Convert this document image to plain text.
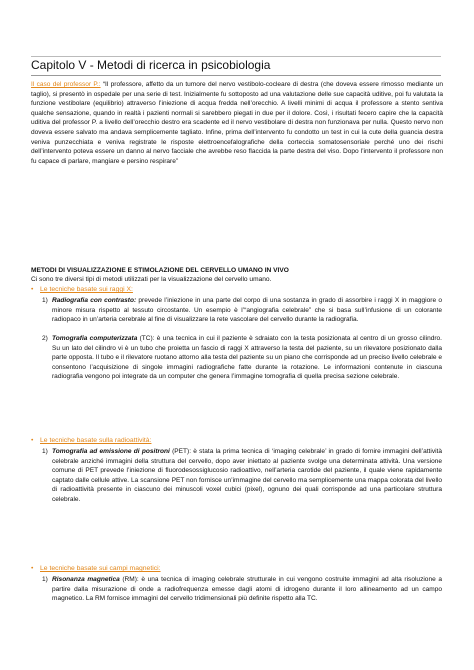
Capitolo V - Metodi di ricerca in psicobiologia

Il caso del professor P.: “Il professore, affetto da un tumore del nervo vestibolo-cocleare di destra (che doveva essere rimosso mediante un taglio), si presentò in ospedale per una serie di test. Inizialmente fu sottoposto ad una valutazione delle sue capacità uditive, poi fu valutata la funzione vestibolare (equilibrio) attraverso l’iniezione di acqua fredda nell’orecchio. A livelli minimi di acqua il professore a stento sentiva qualche sensazione, quando in realtà i pazienti normali si sarebbero piegati in due per il dolore. Così, i risultati fecero capire che la capacità uditiva del professor P. a livello dell’orecchio destro era scadente ed il nervo vestibolare di destra non funzionava per nulla. Questo nervo non doveva essere salvato ma andava semplicemente tagliato. Infine, prima dell’intervento fu condotto un test in cui la cute della guancia destra veniva punzecchiata e veniva registrate le risposte elettroencefalografiche della corteccia somatosensoriale perché uno dei rischi dell’intervento poteva essere un danno al nervo facciale che avrebbe reso flaccida la parte destra del viso. Dopo l’intervento il professore non fu capace di parlare, mangiare e persino respirare”

METODI DI VISUALIZZAZIONE E STIMOLAZIONE DEL CERVELLO UMANO IN VIVO
Ci sono tre diversi tipi di metodi utilizzati per la visualizzazione del cervello umano.
• Le tecniche basate sui raggi X:
1) Radiografia con contrasto: prevede l’iniezione in una parte del corpo di una sostanza in grado di assorbire i raggi X in maggiore o minore misura rispetto al tessuto circostante. Un esempio è l’“angiografia celebrale” che si basa sull’infusione di un colorante radiopaco in un’arteria cerebrale al fine di visualizzare la rete vascolare del cervello durante la radiografia.

2) Tomografia computerizzata (TC): è una tecnica in cui il paziente è sdraiato con la testa posizionata al centro di un grosso cilindro. Su un lato del cilindro vi è un tubo che proietta un fascio di raggi X attraverso la testa del paziente, su un rilevatore posizionato dalla parte opposta. Il tubo e il rilevatore ruotano attorno alla testa del paziente su un piano che corrisponde ad un preciso livello celebrale e consentono l’acquisizione di singole immagini radiografiche fatte durante la rotazione. Le informazioni contenute in ciascuna radiografia vengono poi integrate da un computer che genera l’immagine tomografia di quella precisa sezione celebrale.

• Le tecniche basate sulla radioattività:
1) Tomografia ad emissione di positroni (PET): è stata la prima tecnica di ‘imaging celebrale’ in grado di fornire immagini dell’attività celebrale anziché immagini della struttura del cervello, dopo aver iniettato al paziente svolge una determinata attività. Una versione comune di PET prevede l’iniezione di fluorodesossiglucosio radioattivo, nell’arteria carotide del paziente, il quale viene rapidamente captato dalle cellule attive. La scansione PET non fornisce un’immagine del cervello ma semplicemente una mappa colorata del livello di radioattività presente in ciascuno dei minuscoli voxel cubici (pixel), ognuno dei quali corrisponde ad una particolare struttura celebrale.

• Le tecniche basate sui campi magnetici:
1) Risonanza magnetica (RM): è una tecnica di imaging celebrale strutturale in cui vengono costruite immagini ad alta risoluzione a partire dalla misurazione di onde a radiofrequenza emesse dagli atomi di idrogeno durante il loro allineamento ad un campo magnetico. La RM fornisce immagini del cervello tridimensionali più definite rispetto alla TC.
